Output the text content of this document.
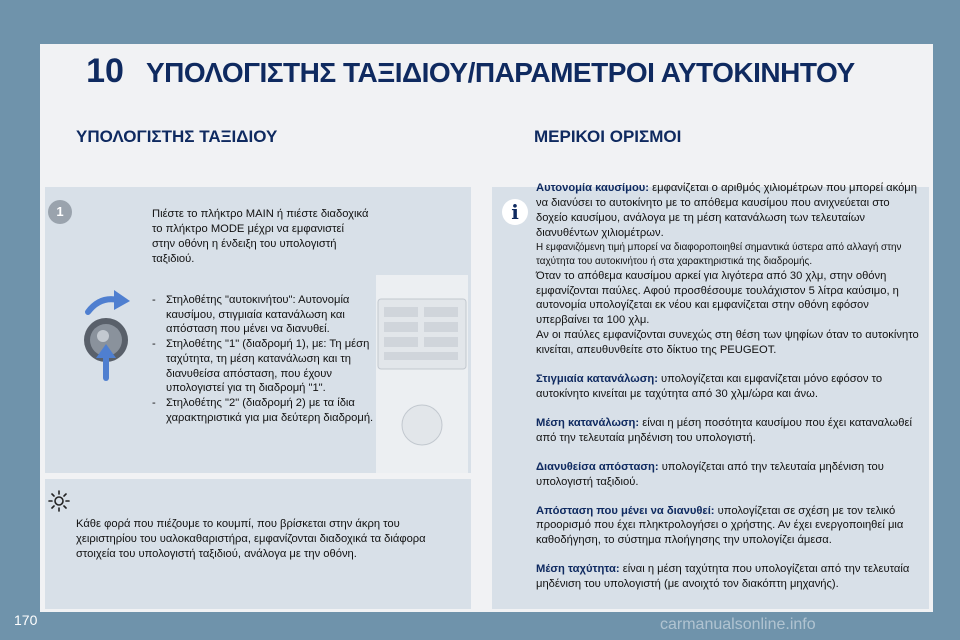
10 ΥΠΟΛΟΓΙΣΤΗΣ ΤΑΞΙΔΙΟΥ/ΠΑΡΑΜΕΤΡΟΙ ΑΥΤΟΚΙΝΗΤΟΥ
ΥΠΟΛΟΓΙΣΤΗΣ ΤΑΞΙΔΙΟΥ	ΜΕΡΙΚΟΙ ΟΡΙΣΜΟΙ
1	Πιέστε το πλήκτρο MAIN ή πιέστε διαδοχικά το πλήκτρο MODE μέχρι να εμφανιστεί στην οθόνη η ένδειξη του υπολογιστή ταξιδιού.
- Στηλοθέτης "αυτοκινήτου": Αυτονομία καυσίμου, στιγμιαία κατανάλωση και απόσταση που μένει να διανυθεί.
- Στηλοθέτης "1" (διαδρομή 1), με: Τη μέση ταχύτητα, τη μέση κατανάλωση και τη διανυθείσα απόσταση, που έχουν υπολογιστεί για τη διαδρομή "1".
- Στηλοθέτης "2" (διαδρομή 2) με τα ίδια χαρακτηριστικά για μια δεύτερη διαδρομή.
Κάθε φορά που πιέζουμε το κουμπί, που βρίσκεται στην άκρη του χειριστηρίου του υαλοκαθαριστήρα, εμφανίζονται διαδοχικά τα διάφορα στοιχεία του υπολογιστή ταξιδιού, ανάλογα με την οθόνη.
i

Αυτονομία καυσίμου: εμφανίζεται ο αριθμός χιλιομέτρων που μπορεί ακόμη να διανύσει το αυτοκίνητο με το απόθεμα καυσίμου που ανιχνεύεται στο δοχείο καυσίμου, ανάλογα με τη μέση κατανάλωση των τελευταίων διανυθέντων χιλιομέτρων.

Η εμφανιζόμενη τιμή μπορεί να διαφοροποιηθεί σημαντικά ύστερα από αλλαγή στην ταχύτητα του αυτοκινήτου ή στα χαρακτηριστικά της διαδρομής.

Όταν το απόθεμα καυσίμου αρκεί για λιγότερα από 30 χλμ, στην οθόνη εμφανίζονται παύλες. Αφού προσθέσουμε τουλάχιστον 5 λίτρα καύσιμο, η αυτονομία υπολογίζεται εκ νέου και εμφανίζεται στην οθόνη εφόσον υπερβαίνει τα 100 χλμ.

Αν οι παύλες εμφανίζονται συνεχώς στη θέση των ψηφίων όταν το αυτοκίνητο κινείται, απευθυνθείτε στο δίκτυο της PEUGEOT.

Στιγμιαία κατανάλωση: υπολογίζεται και εμφανίζεται μόνο εφόσον το αυτοκίνητο κινείται με ταχύτητα από 30 χλμ/ώρα και άνω.

Μέση κατανάλωση: είναι η μέση ποσότητα καυσίμου που έχει καταναλωθεί από την τελευταία μηδένιση του υπολογιστή.

Διανυθείσα απόσταση: υπολογίζεται από την τελευταία μηδένιση του υπολογιστή ταξιδιού.

Απόσταση που μένει να διανυθεί: υπολογίζεται σε σχέση με τον τελικό προορισμό που έχει πληκτρολογήσει ο χρήστης. Αν έχει ενεργοποιηθεί μια καθοδήγηση, το σύστημα πλοήγησης την υπολογίζει άμεσα.

Μέση ταχύτητα: είναι η μέση ταχύτητα που υπολογίζεται από την τελευταία μηδένιση του υπολογιστή (με ανοιχτό τον διακόπτη μηχανής).

170	carmanualsonline.info
